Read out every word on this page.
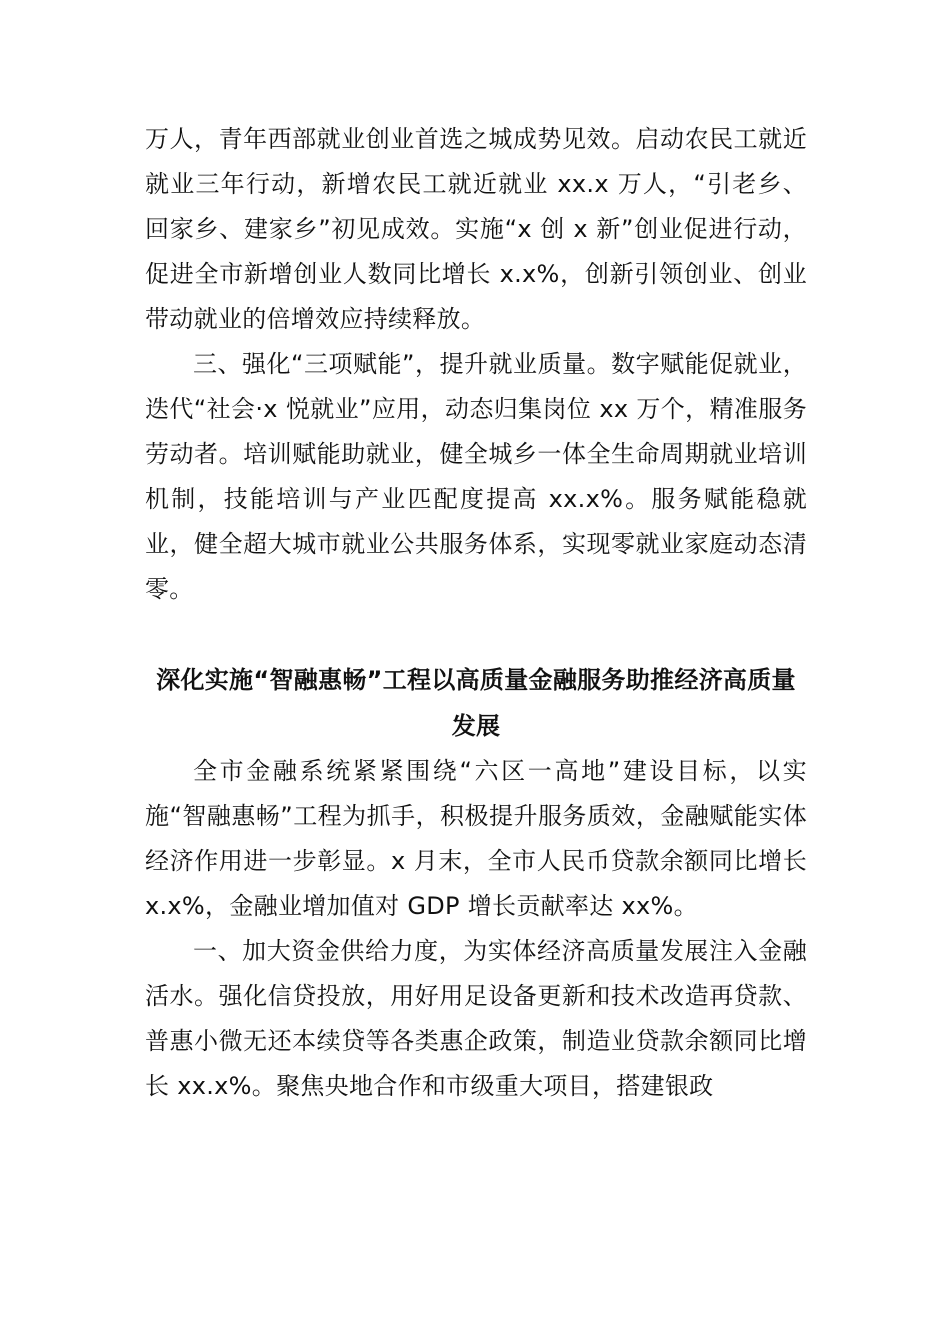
万人，青年西部就业创业首选之城成势见效。启动农民工就近就业三年行动，新增农民工就近就业 xx.x 万人，“引老乡、回家乡、建家乡”初见成效。实施“x 创 x 新”创业促进行动，促进全市新增创业人数同比增长 x.x%，创新引领创业、创业带动就业的倍增效应持续释放。

三、强化“三项赋能”，提升就业质量。数字赋能促就业，迭代“社会·x 悦就业”应用，动态归集岗位 xx 万个，精准服务劳动者。培训赋能助就业，健全城乡一体全生命周期就业培训机制，技能培训与产业匹配度提高 xx.x%。服务赋能稳就业，健全超大城市就业公共服务体系，实现零就业家庭动态清零。

深化实施“智融惠畅”工程以高质量金融服务助推经济高质量发展

全市金融系统紧紧围绕“六区一高地”建设目标，以实施“智融惠畅”工程为抓手，积极提升服务质效，金融赋能实体经济作用进一步彰显。x 月末，全市人民币贷款余额同比增长 x.x%，金融业增加值对 GDP 增长贡献率达 xx%。

一、加大资金供给力度，为实体经济高质量发展注入金融活水。强化信贷投放，用好用足设备更新和技术改造再贷款、普惠小微无还本续贷等各类惠企政策，制造业贷款余额同比增长 xx.x%。聚焦央地合作和市级重大项目，搭建银政
